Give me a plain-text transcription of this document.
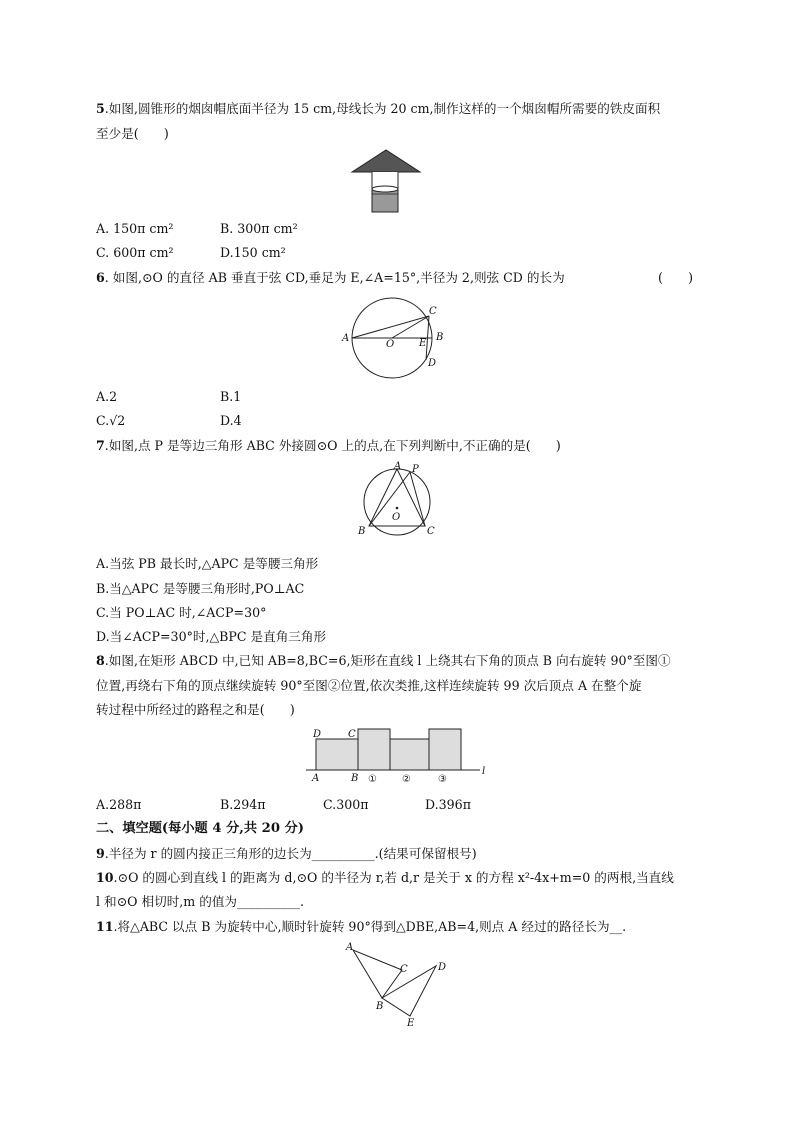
5.如图,圆锥形的烟囱帽底面半径为 15 cm,母线长为 20 cm,制作这样的一个烟囱帽所需要的铁皮面积
至少是(　　)
A. 150π cm²	B. 300π cm²
C. 600π cm²	D.150 cm²
6. 如图,⊙O 的直径 AB 垂直于弦 CD,垂足为 E,∠A=15°,半径为 2,则弦 CD 的长为	(　　)
A
O E
B
C
D
A.2	B.1
C.√2	D.4
7.如图,点 P 是等边三角形 ABC 外接圆⊙O 上的点,在下列判断中,不正确的是(　　)
A P
B	C
O
A.当弦 PB 最长时,△APC 是等腰三角形
B.当△APC 是等腰三角形时,PO⊥AC
C.当 PO⊥AC 时,∠ACP=30°
D.当∠ACP=30°时,△BPC 是直角三角形
8.如图,在矩形 ABCD 中,已知 AB=8,BC=6,矩形在直线 l 上绕其右下角的顶点 B 向右旋转 90°至图①
位置,再绕右下角的顶点继续旋转 90°至图②位置,依次类推,这样连续旋转 99 次后顶点 A 在整个旋
转过程中所经过的路程之和是(　　)
D	C
A	B ①	②	③
l
A.288π	B.294π	C.300π	D.396π
二、填空题(每小题 4 分,共 20 分)
9.半径为 r 的圆内接正三角形的边长为__________.(结果可保留根号)
10.⊙O 的圆心到直线 l 的距离为 d,⊙O 的半径为 r,若 d,r 是关于 x 的方程 x²-4x+m=0 的两根,当直线
l 和⊙O 相切时,m 的值为__________.
11.将△ABC 以点 B 为旋转中心,顺时针旋转 90°得到△DBE,AB=4,则点 A 经过的路径长为__.
A
C	D
B
E
